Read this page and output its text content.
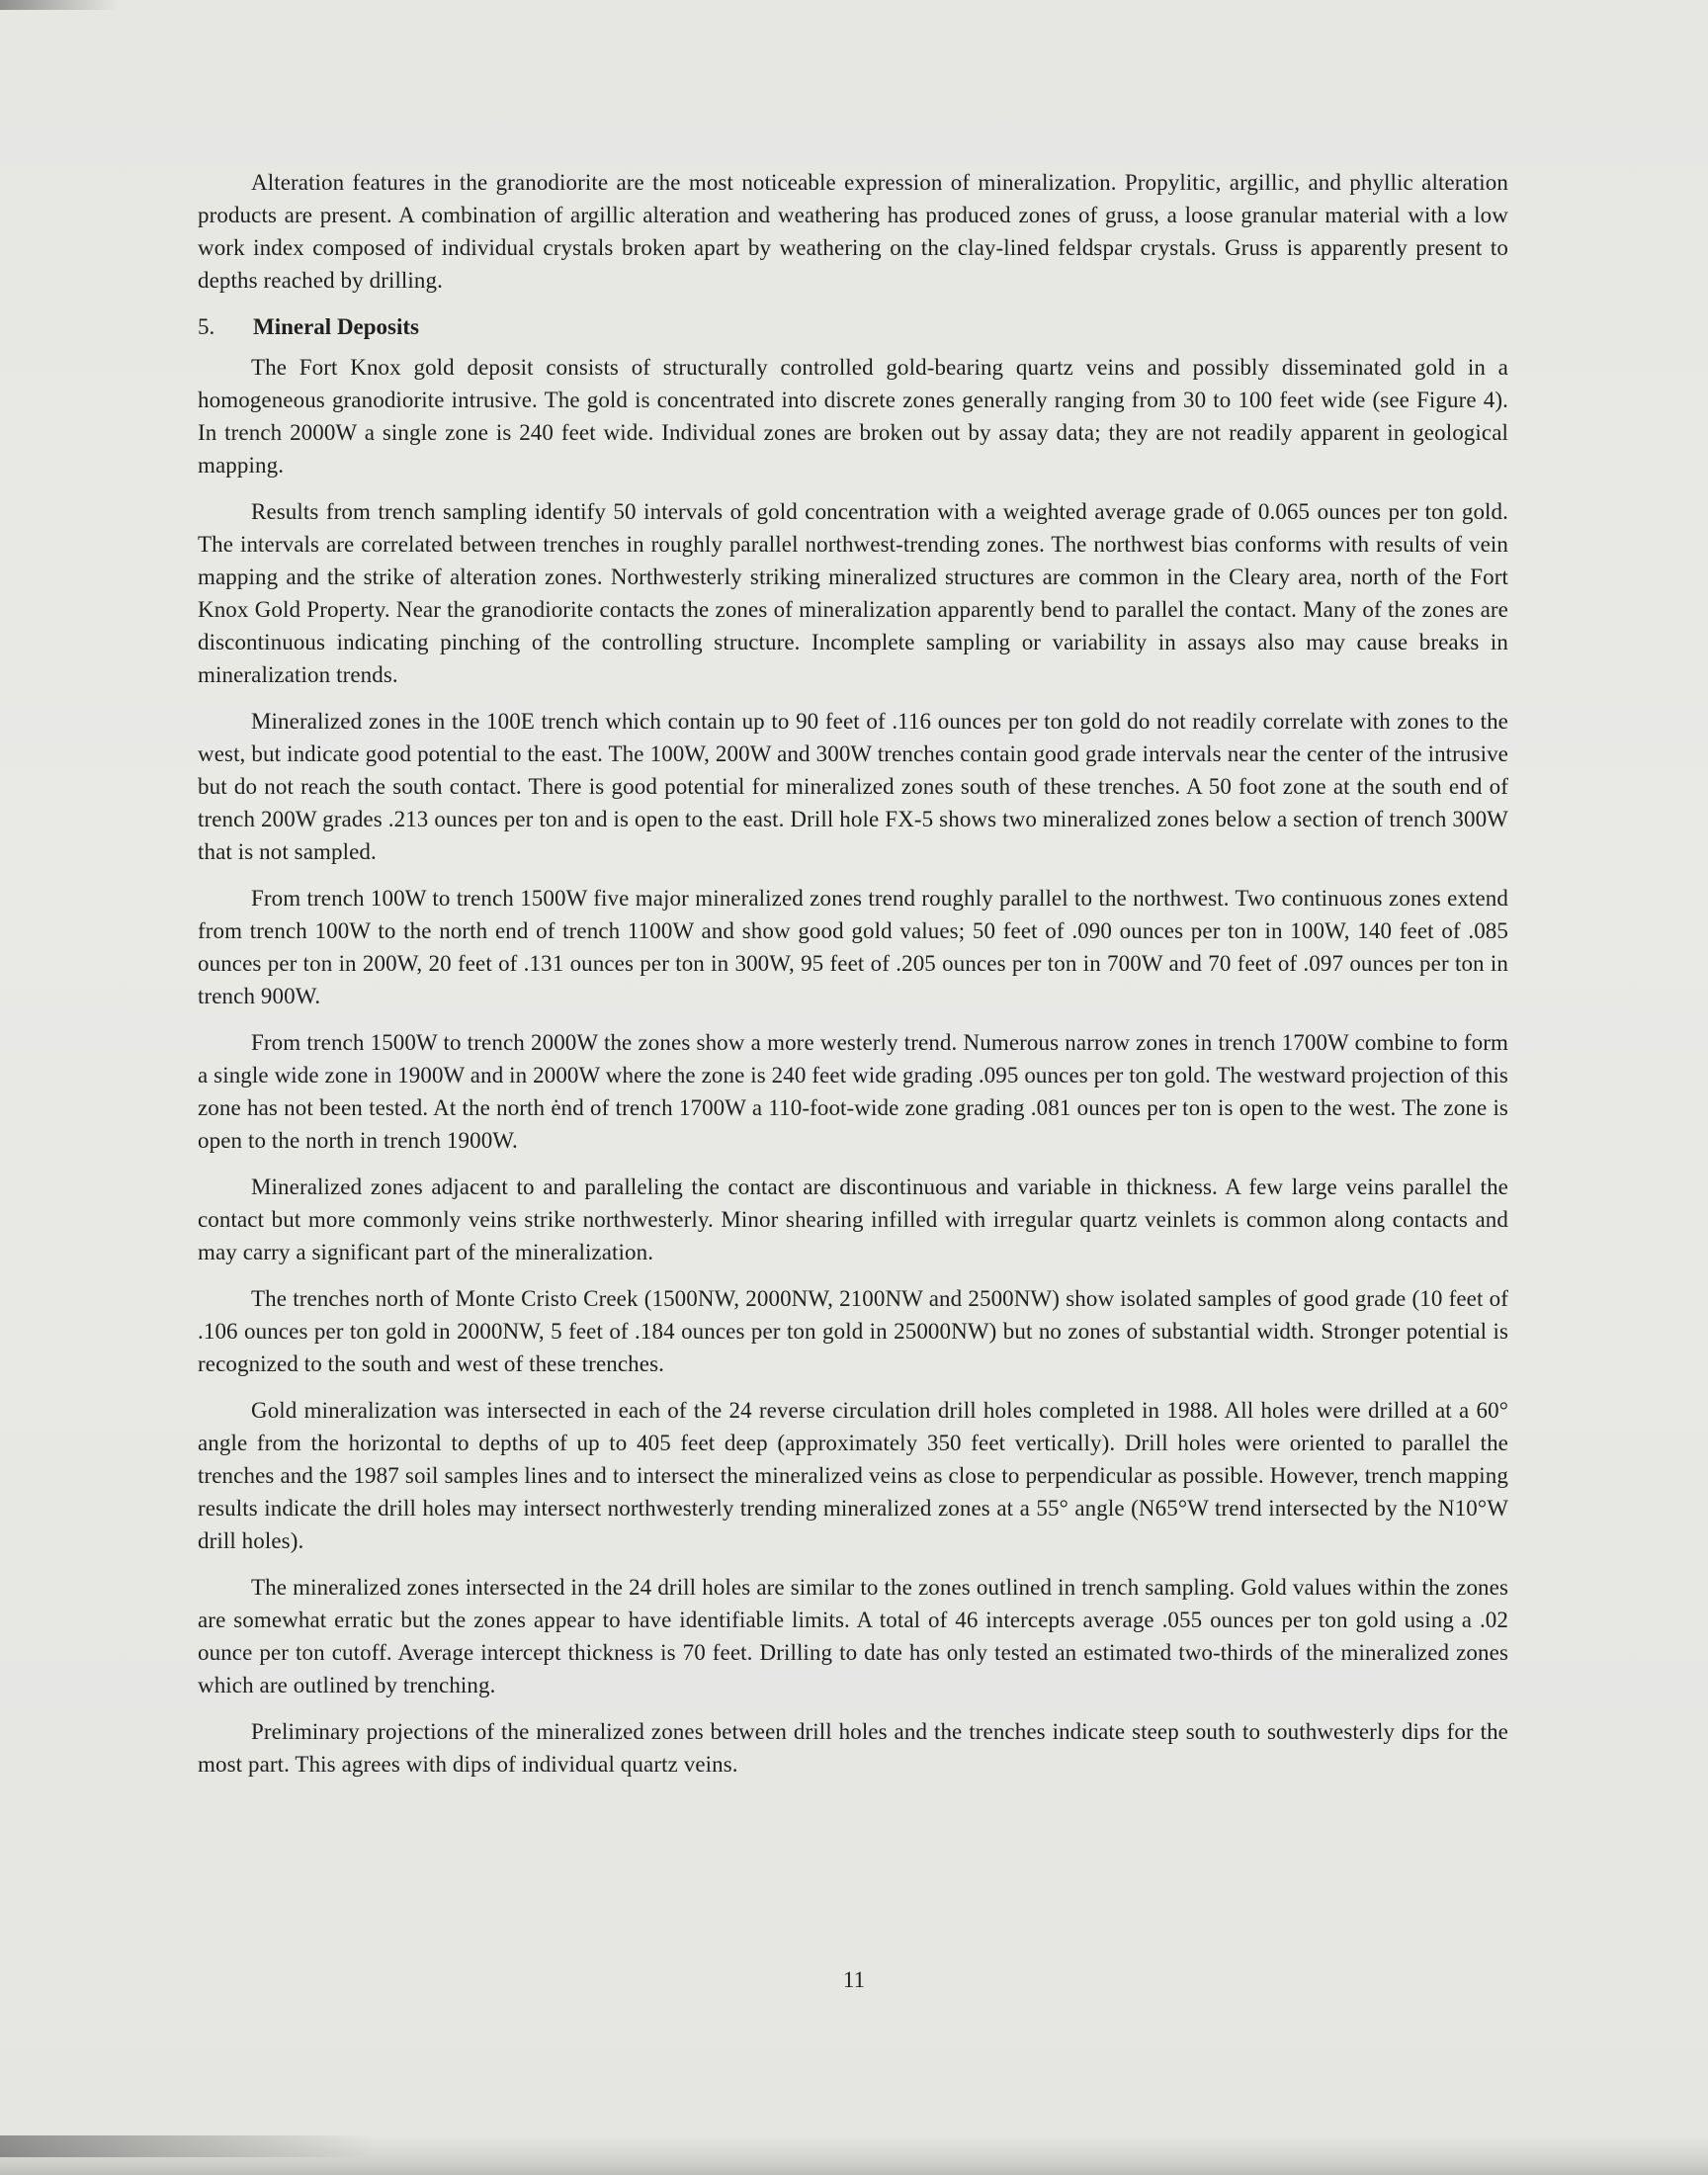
Alteration features in the granodiorite are the most noticeable expression of mineralization. Propylitic, argillic, and phyllic alteration products are present. A combination of argillic alteration and weathering has produced zones of gruss, a loose granular material with a low work index composed of individual crystals broken apart by weathering on the clay-lined feldspar crystals. Gruss is apparently present to depths reached by drilling.

5.	Mineral Deposits

The Fort Knox gold deposit consists of structurally controlled gold-bearing quartz veins and possibly disseminated gold in a homogeneous granodiorite intrusive. The gold is concentrated into discrete zones generally ranging from 30 to 100 feet wide (see Figure 4). In trench 2000W a single zone is 240 feet wide. Individual zones are broken out by assay data; they are not readily apparent in geological mapping.

Results from trench sampling identify 50 intervals of gold concentration with a weighted average grade of 0.065 ounces per ton gold. The intervals are correlated between trenches in roughly parallel northwest-trending zones. The northwest bias conforms with results of vein mapping and the strike of alteration zones. Northwesterly striking mineralized structures are common in the Cleary area, north of the Fort Knox Gold Property. Near the granodiorite contacts the zones of mineralization apparently bend to parallel the contact. Many of the zones are discontinuous indicating pinching of the controlling structure. Incomplete sampling or variability in assays also may cause breaks in mineralization trends.

Mineralized zones in the 100E trench which contain up to 90 feet of .116 ounces per ton gold do not readily correlate with zones to the west, but indicate good potential to the east. The 100W, 200W and 300W trenches contain good grade intervals near the center of the intrusive but do not reach the south contact. There is good potential for mineralized zones south of these trenches. A 50 foot zone at the south end of trench 200W grades .213 ounces per ton and is open to the east. Drill hole FX-5 shows two mineralized zones below a section of trench 300W that is not sampled.

From trench 100W to trench 1500W five major mineralized zones trend roughly parallel to the northwest. Two continuous zones extend from trench 100W to the north end of trench 1100W and show good gold values; 50 feet of .090 ounces per ton in 100W, 140 feet of .085 ounces per ton in 200W, 20 feet of .131 ounces per ton in 300W, 95 feet of .205 ounces per ton in 700W and 70 feet of .097 ounces per ton in trench 900W.

From trench 1500W to trench 2000W the zones show a more westerly trend. Numerous narrow zones in trench 1700W combine to form a single wide zone in 1900W and in 2000W where the zone is 240 feet wide grading .095 ounces per ton gold. The westward projection of this zone has not been tested. At the north ėnd of trench 1700W a 110-foot-wide zone grading .081 ounces per ton is open to the west. The zone is open to the north in trench 1900W.

Mineralized zones adjacent to and paralleling the contact are discontinuous and variable in thickness. A few large veins parallel the contact but more commonly veins strike northwesterly. Minor shearing infilled with irregular quartz veinlets is common along contacts and may carry a significant part of the mineralization.

The trenches north of Monte Cristo Creek (1500NW, 2000NW, 2100NW and 2500NW) show isolated samples of good grade (10 feet of .106 ounces per ton gold in 2000NW, 5 feet of .184 ounces per ton gold in 25000NW) but no zones of substantial width. Stronger potential is recognized to the south and west of these trenches.

Gold mineralization was intersected in each of the 24 reverse circulation drill holes completed in 1988. All holes were drilled at a 60° angle from the horizontal to depths of up to 405 feet deep (approximately 350 feet vertically). Drill holes were oriented to parallel the trenches and the 1987 soil samples lines and to intersect the mineralized veins as close to perpendicular as possible. However, trench mapping results indicate the drill holes may intersect northwesterly trending mineralized zones at a 55° angle (N65°W trend intersected by the N10°W drill holes).

The mineralized zones intersected in the 24 drill holes are similar to the zones outlined in trench sampling. Gold values within the zones are somewhat erratic but the zones appear to have identifiable limits. A total of 46 intercepts average .055 ounces per ton gold using a .02 ounce per ton cutoff. Average intercept thickness is 70 feet. Drilling to date has only tested an estimated two-thirds of the mineralized zones which are outlined by trenching.

Preliminary projections of the mineralized zones between drill holes and the trenches indicate steep south to southwesterly dips for the most part. This agrees with dips of individual quartz veins.

11
